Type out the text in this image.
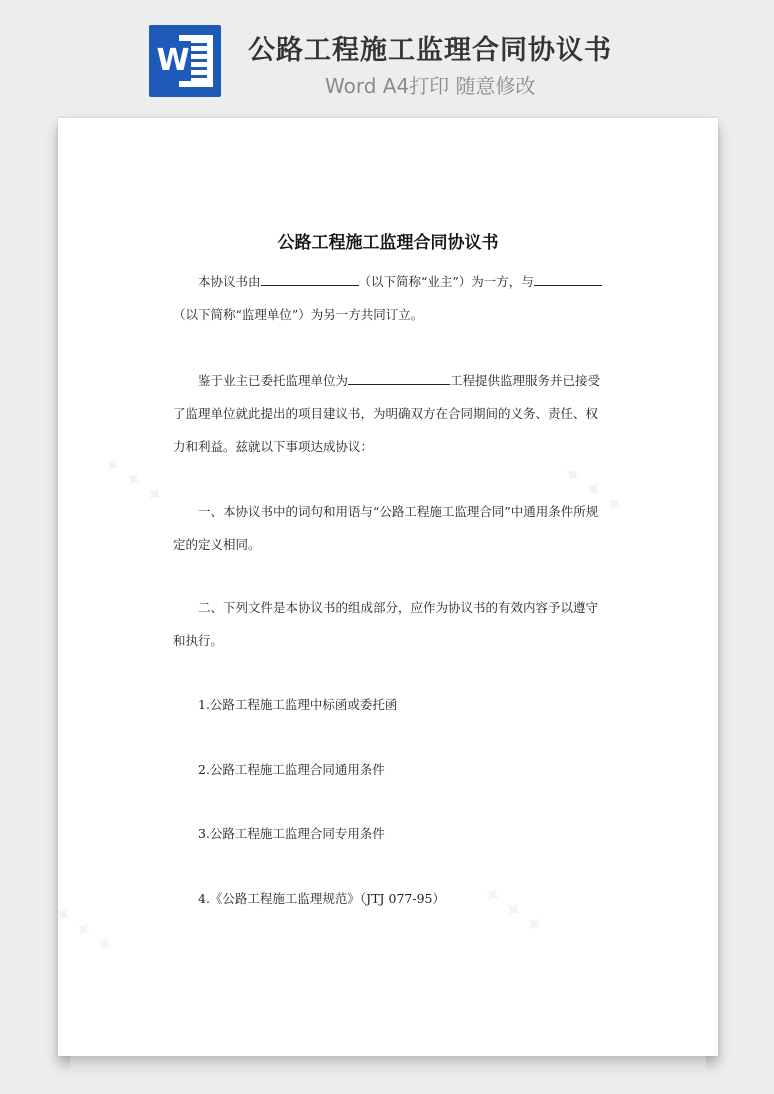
W 公路工程施工监理合同协议书
Word A4打印 随意修改
✦ ✦ ✦	✦ ✦ ✦
✦ ✦ ✦
✦ ✦ ✦
公路工程施工监理合同协议书
本协议书由	（以下简称“业主”）为一方，与
（以下简称“监理单位”）为另一方共同订立。
鉴于业主已委托监理单位为	工程提供监理服务并已接受
了监理单位就此提出的项目建议书，为明确双方在合同期间的义务、责任、权
力和利益。兹就以下事项达成协议：
一、本协议书中的词句和用语与“公路工程施工监理合同”中通用条件所规
定的定义相同。
二、下列文件是本协议书的组成部分，应作为协议书的有效内容予以遵守
和执行。
1.公路工程施工监理中标函或委托函
2.公路工程施工监理合同通用条件
3.公路工程施工监理合同专用条件
4.《公路工程施工监理规范》（JTJ 077-95）
